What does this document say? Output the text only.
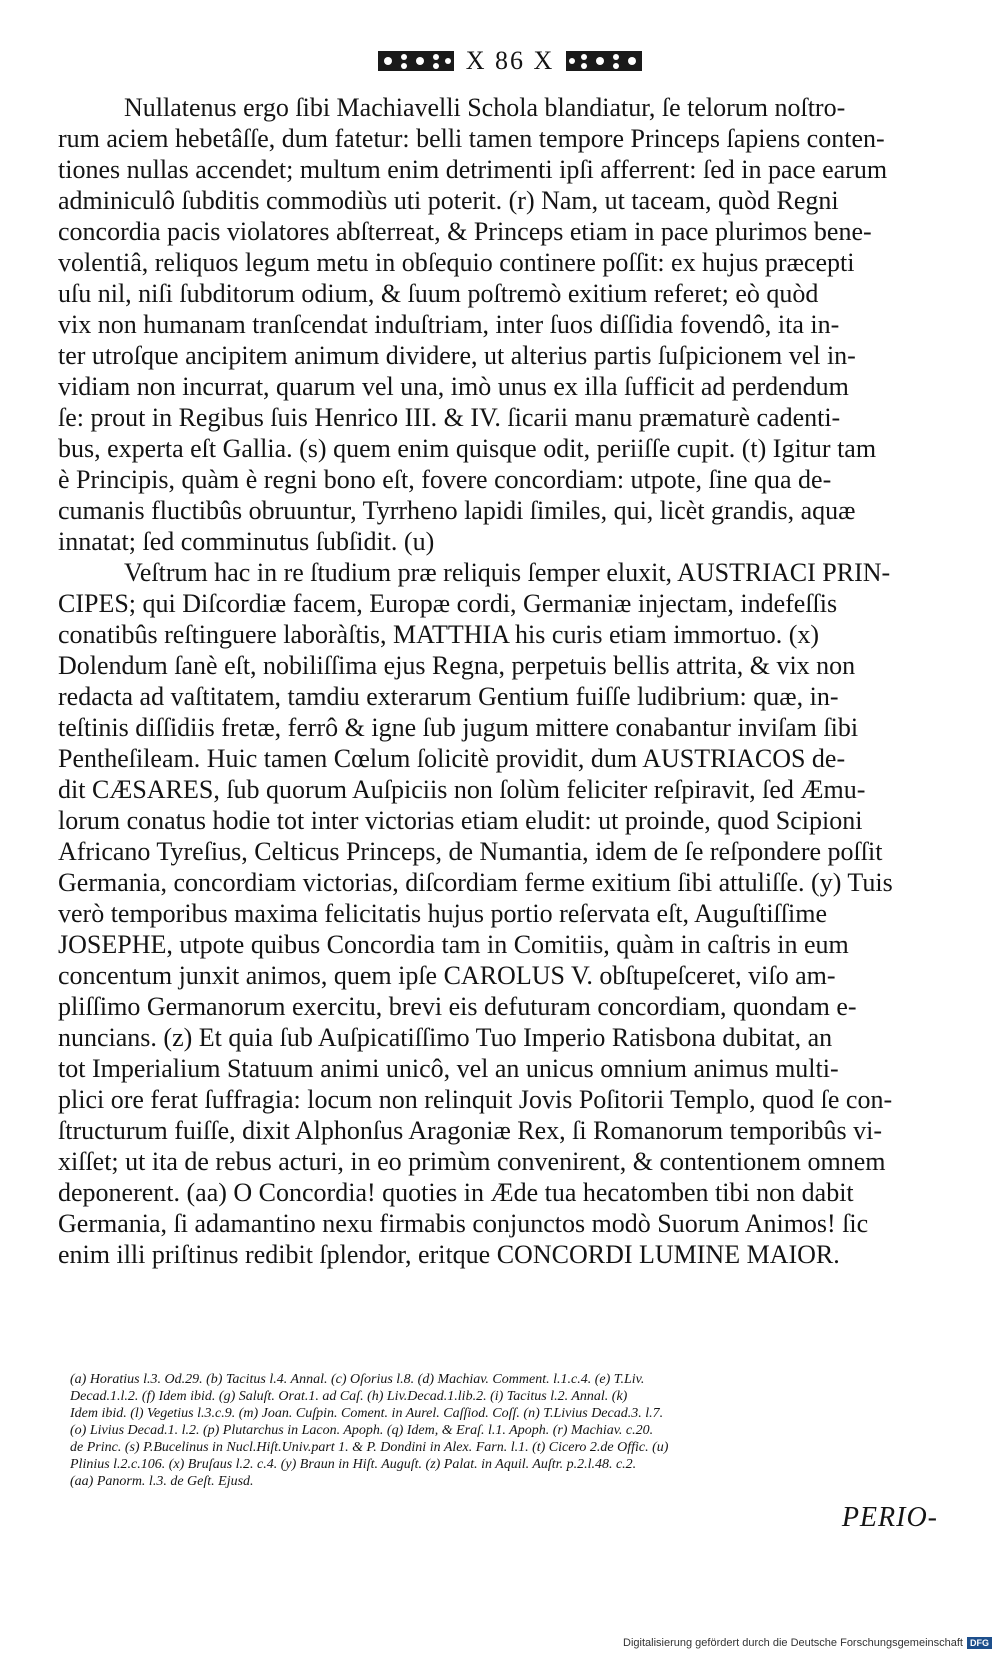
X 86 X
Nullatenus ergo ſibi Machiavelli Schola blandiatur, ſe telorum noſtro-
rum aciem hebetâſſe, dum fatetur: belli tamen tempore Princeps ſapiens conten-
tiones nullas accendet; multum enim detrimenti ipſi afferrent: ſed in pace earum
adminiculô ſubditis commodiùs uti poterit. (r) Nam, ut taceam, quòd Regni
concordia pacis violatores abſterreat, & Princeps etiam in pace plurimos bene-
volentiâ, reliquos legum metu in obſequio continere poſſit: ex hujus præcepti
uſu nil, niſi ſubditorum odium, & ſuum poſtremò exitium referet; eò quòd
vix non humanam tranſcendat induſtriam, inter ſuos diſſidia fovendô, ita in-
ter utroſque ancipitem animum dividere, ut alterius partis ſuſpicionem vel in-
vidiam non incurrat, quarum vel una, imò unus ex illa ſufficit ad perdendum
ſe: prout in Regibus ſuis Henrico III. & IV. ſicarii manu præmaturè cadenti-
bus, experta eſt Gallia. (s) quem enim quisque odit, periiſſe cupit. (t) Igitur tam
è Principis, quàm è regni bono eſt, fovere concordiam: utpote, ſine qua de-
cumanis fluctibûs obruuntur, Tyrrheno lapidi ſimiles, qui, licèt grandis, aquæ
innatat; ſed comminutus ſubſidit. (u)
Veſtrum hac in re ſtudium præ reliquis ſemper eluxit, AUSTRIACI PRIN-
CIPES; qui Diſcordiæ facem, Europæ cordi, Germaniæ injectam, indefeſſis
conatibûs reſtinguere laboràſtis, MATTHIA his curis etiam immortuo. (x)
Dolendum ſanè eſt, nobiliſſima ejus Regna, perpetuis bellis attrita, & vix non
redacta ad vaſtitatem, tamdiu exterarum Gentium fuiſſe ludibrium: quæ, in-
teſtinis diſſidiis fretæ, ferrô & igne ſub jugum mittere conabantur inviſam ſibi
Pentheſileam. Huic tamen Cœlum ſolicitè providit, dum AUSTRIACOS de-
dit CÆSARES, ſub quorum Auſpiciis non ſolùm feliciter reſpiravit, ſed Æmu-
lorum conatus hodie tot inter victorias etiam eludit: ut proinde, quod Scipioni
Africano Tyreſius, Celticus Princeps, de Numantia, idem de ſe reſpondere poſſit
Germania, concordiam victorias, diſcordiam ferme exitium ſibi attuliſſe. (y) Tuis
verò temporibus maxima felicitatis hujus portio reſervata eſt, Auguſtiſſime
JOSEPHE, utpote quibus Concordia tam in Comitiis, quàm in caſtris in eum
concentum junxit animos, quem ipſe CAROLUS V. obſtupeſceret, viſo am-
pliſſimo Germanorum exercitu, brevi eis defuturam concordiam, quondam e-
nuncians. (z) Et quia ſub Auſpicatiſſimo Tuo Imperio Ratisbona dubitat, an
tot Imperialium Statuum animi unicô, vel an unicus omnium animus multi-
plici ore ferat ſuffragia: locum non relinquit Jovis Poſitorii Templo, quod ſe con-
ſtructurum fuiſſe, dixit Alphonſus Aragoniæ Rex, ſi Romanorum temporibûs vi-
xiſſet; ut ita de rebus acturi, in eo primùm convenirent, & contentionem omnem
deponerent. (aa) O Concordia! quoties in Æde tua hecatomben tibi non dabit
Germania, ſi adamantino nexu firmabis conjunctos modò Suorum Animos! ſic
enim illi priſtinus redibit ſplendor, eritque CONCORDI LUMINE MAIOR.
(a) Horatius l.3. Od.29. (b) Tacitus l.4. Annal. (c) Oſorius l.8. (d) Machiav. Comment. l.1.c.4. (e) T.Liv.
Decad.1.l.2. (f) Idem ibid. (g) Saluſt. Orat.1. ad Caſ. (h) Liv.Decad.1.lib.2. (i) Tacitus l.2. Annal. (k)
Idem ibid. (l) Vegetius l.3.c.9. (m) Joan. Cuſpin. Coment. in Aurel. Caſſiod. Coſſ. (n) T.Livius Decad.3. l.7.
(o) Livius Decad.1. l.2. (p) Plutarchus in Lacon. Apoph. (q) Idem, & Eraſ. l.1. Apoph. (r) Machiav. c.20.
de Princ. (s) P.Bucelinus in Nucl.Hiſt.Univ.part 1. & P. Dondini in Alex. Farn. l.1. (t) Cicero 2.de Offic. (u)
Plinius l.2.c.106. (x) Bruſaus l.2. c.4. (y) Braun in Hiſt. Auguſt. (z) Palat. in Aquil. Auſtr. p.2.l.48. c.2.
(aa) Panorm. l.3. de Geſt. Ejusd.
PERIO-
Digitalisierung gefördert durch die Deutsche Forschungsgemeinschaft DFG
